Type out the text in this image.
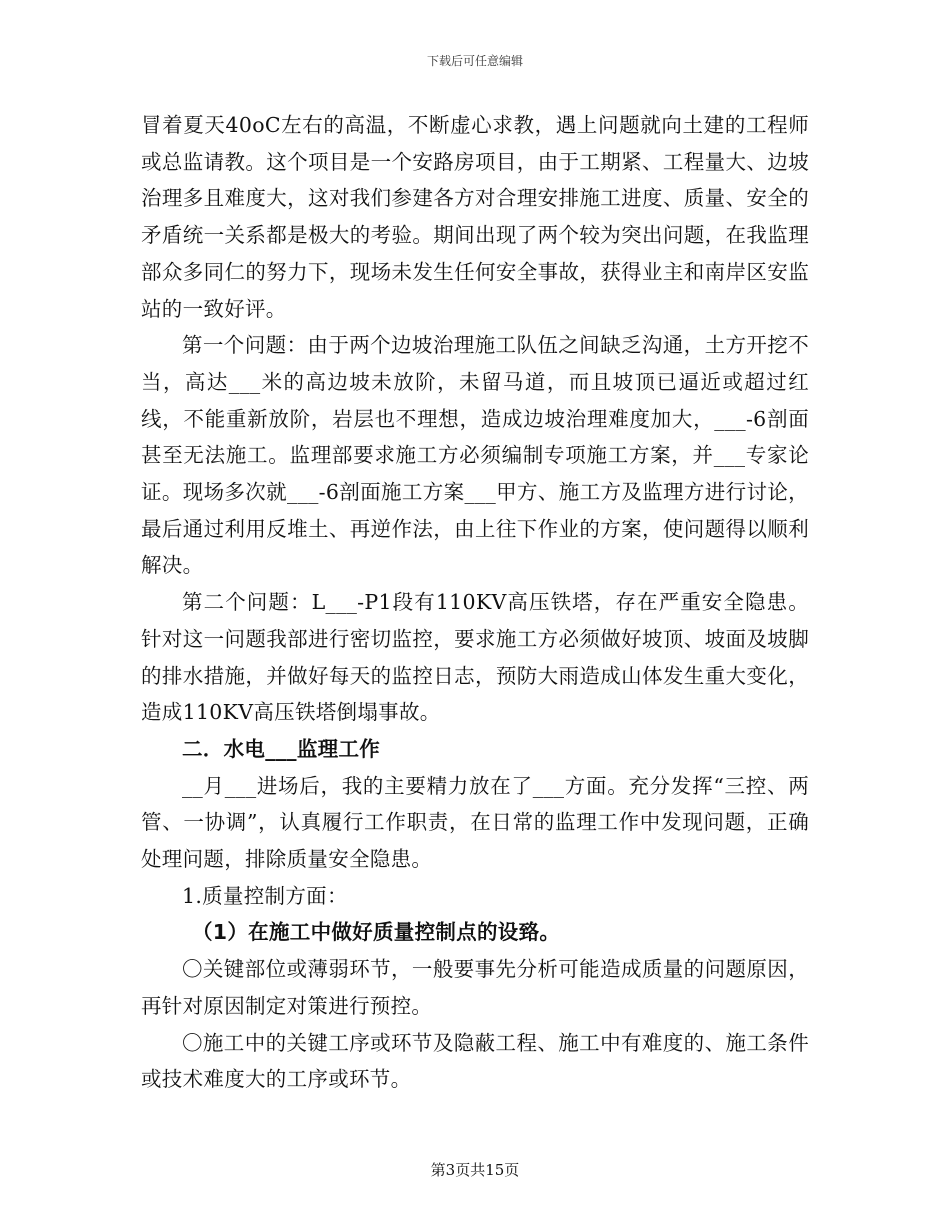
下载后可任意编辑

冒着夏天40oC左右的高温，不断虚心求教，遇上问题就向土建的工程师或总监请教。这个项目是一个安路房项目，由于工期紧、工程量大、边坡治理多且难度大，这对我们参建各方对合理安排施工进度、质量、安全的矛盾统一关系都是极大的考验。期间出现了两个较为突出问题，在我监理部众多同仁的努力下，现场未发生任何安全事故，获得业主和南岸区安监站的一致好评。

第一个问题：由于两个边坡治理施工队伍之间缺乏沟通，土方开挖不当，高达___米的高边坡未放阶，未留马道，而且坡顶已逼近或超过红线，不能重新放阶，岩层也不理想，造成边坡治理难度加大，___-6剖面甚至无法施工。监理部要求施工方必须编制专项施工方案，并___专家论证。现场多次就___-6剖面施工方案___甲方、施工方及监理方进行讨论，最后通过利用反堆土、再逆作法，由上往下作业的方案，使问题得以顺利解决。

第二个问题：L___-P1段有110KV高压铁塔，存在严重安全隐患。针对这一问题我部进行密切监控，要求施工方必须做好坡顶、坡面及坡脚的排水措施，并做好每天的监控日志，预防大雨造成山体发生重大变化，造成110KV高压铁塔倒塌事故。

二．水电___监理工作

__月___进场后，我的主要精力放在了___方面。充分发挥“三控、两管、一协调”，认真履行工作职责，在日常的监理工作中发现问题，正确处理问题，排除质量安全隐患。

1.质量控制方面：

（1）在施工中做好质量控制点的设臵。

〇关键部位或薄弱环节，一般要事先分析可能造成质量的问题原因，再针对原因制定对策进行预控。

〇施工中的关键工序或环节及隐蔽工程、施工中有难度的、施工条件或技术难度大的工序或环节。

第3页共15页
